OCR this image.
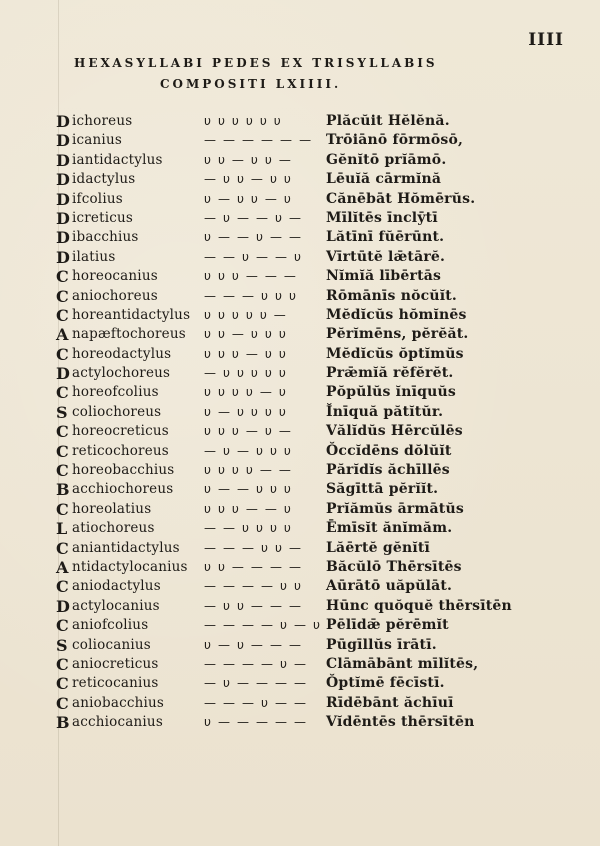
IIII
HEXASYLLABI PEDES EX TRISYLLABIS
COMPOSITI LXIIII.
D ichoreus	υ υ υ υ υ υ	Plăcŭit Hĕlĕnă.
D icanius	— — — — — — Trōiānō fōrmōsō,
D iantidactylus	υ υ — υ υ — Gĕnĭtō prĭāmō.
D idactylus	— υ υ — υ υ Lēuĭă cārmĭnă
D ifcolius	υ — υ υ — υ Cănēbāt Hŏmērŭs.
D icreticus	— υ — — υ — Mīlĭtēs īnclȳtī
D ibacchius	υ — — υ — — Lătīnī fŭērūnt.
D ilatius	— — υ — — υ Vīrtūtĕ lǣtārĕ.
C horeocanius	υ υ υ — — — Nĭmĭă lībērtās
C aniochoreus	— — — υ υ υ Rōmānīs nŏcŭĭt.
C horeantidactylus υ υ υ υ υ —	Mĕdĭcŭs hŏmĭnēs
A napæftochoreus υ υ — υ υ υ	Pĕrĭmēns, pĕrĕăt.
C horeodactylus	υ υ υ — υ υ	Mĕdĭcŭs ŏptĭmŭs
D actylochoreus	— υ υ υ υ υ	Prǣmĭă rĕfĕrĕt.
C horeofcolius	υ υ υ υ — υ	Pŏpŭlŭs ĭnīquŭs
S coliochoreus	υ — υ υ υ υ	Ĭnīquă pătĭtŭr.
C horeocreticus	υ υ υ — υ — Vălĭdŭs Hērcŭlēs
C reticochoreus	— υ — υ υ υ Ŏccĭdēns dŏlŭĭt
C horeobacchius υ υ υ υ — — Părĭdĭs ăchīllēs
B acchiochoreus	υ — — υ υ υ Săgīttā pĕrĭĭt.
C horeolatius	υ υ υ — — υ Prĭămŭs ārmātŭs
L atiochoreus	— — υ υ υ υ Ēmīsĭt ănĭmăm.
C aniantidactylus — — — υ υ — Lăērtĕ gĕnĭtī
A ntidactylocanius υ υ — — — — Băcŭlō Thērsītēs
C aniodactylus	— — — — υ υ Aūrātō uăpŭlāt.
D actylocanius	— υ υ — — — Hūnc quŏquĕ thērsītēn
C aniofcolius	— — — — υ — υ Pēlīdǣ pĕrēmĭt
S coliocanius	υ — υ — — — Pūgīllŭs īrātī.
C aniocreticus	— — — — υ — Clāmābānt mīlĭtēs,
C reticocanius	— υ — — — — Ŏptĭmē fēcīstī.
C aniobacchius	— — — υ — — Rīdēbānt ăchīuī
B acchiocanius	υ — — — — — Vĭdēntēs thērsītēn
